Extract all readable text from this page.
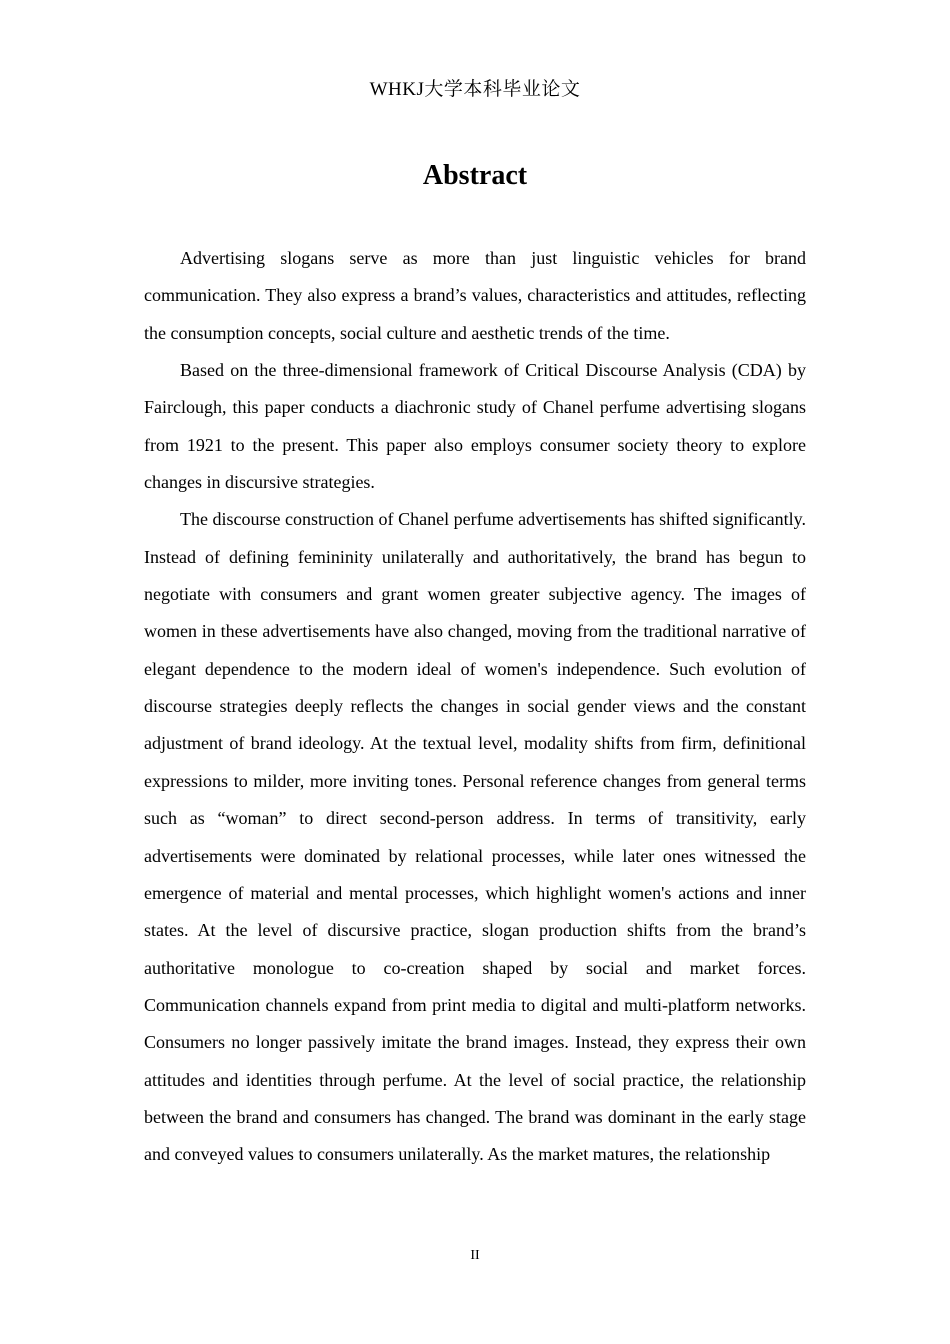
WHKJ大学本科毕业论文
Abstract

Advertising slogans serve as more than just linguistic vehicles for brand communication. They also express a brand’s values, characteristics and attitudes, reflecting the consumption concepts, social culture and aesthetic trends of the time.

Based on the three-dimensional framework of Critical Discourse Analysis (CDA) by Fairclough, this paper conducts a diachronic study of Chanel perfume advertising slogans from 1921 to the present. This paper also employs consumer society theory to explore changes in discursive strategies.

The discourse construction of Chanel perfume advertisements has shifted significantly. Instead of defining femininity unilaterally and authoritatively, the brand has begun to negotiate with consumers and grant women greater subjective agency. The images of women in these advertisements have also changed, moving from the traditional narrative of elegant dependence to the modern ideal of women's independence. Such evolution of discourse strategies deeply reflects the changes in social gender views and the constant adjustment of brand ideology. At the textual level, modality shifts from firm, definitional expressions to milder, more inviting tones. Personal reference changes from general terms such as “woman” to direct second-person address. In terms of transitivity, early advertisements were dominated by relational processes, while later ones witnessed the emergence of material and mental processes, which highlight women's actions and inner states. At the level of discursive practice, slogan production shifts from the brand’s authoritative monologue to co-creation shaped by social and market forces. Communication channels expand from print media to digital and multi-platform networks. Consumers no longer passively imitate the brand images. Instead, they express their own attitudes and identities through perfume. At the level of social practice, the relationship between the brand and consumers has changed. The brand was dominant in the early stage and conveyed values to consumers unilaterally. As the market matures, the relationship

II
